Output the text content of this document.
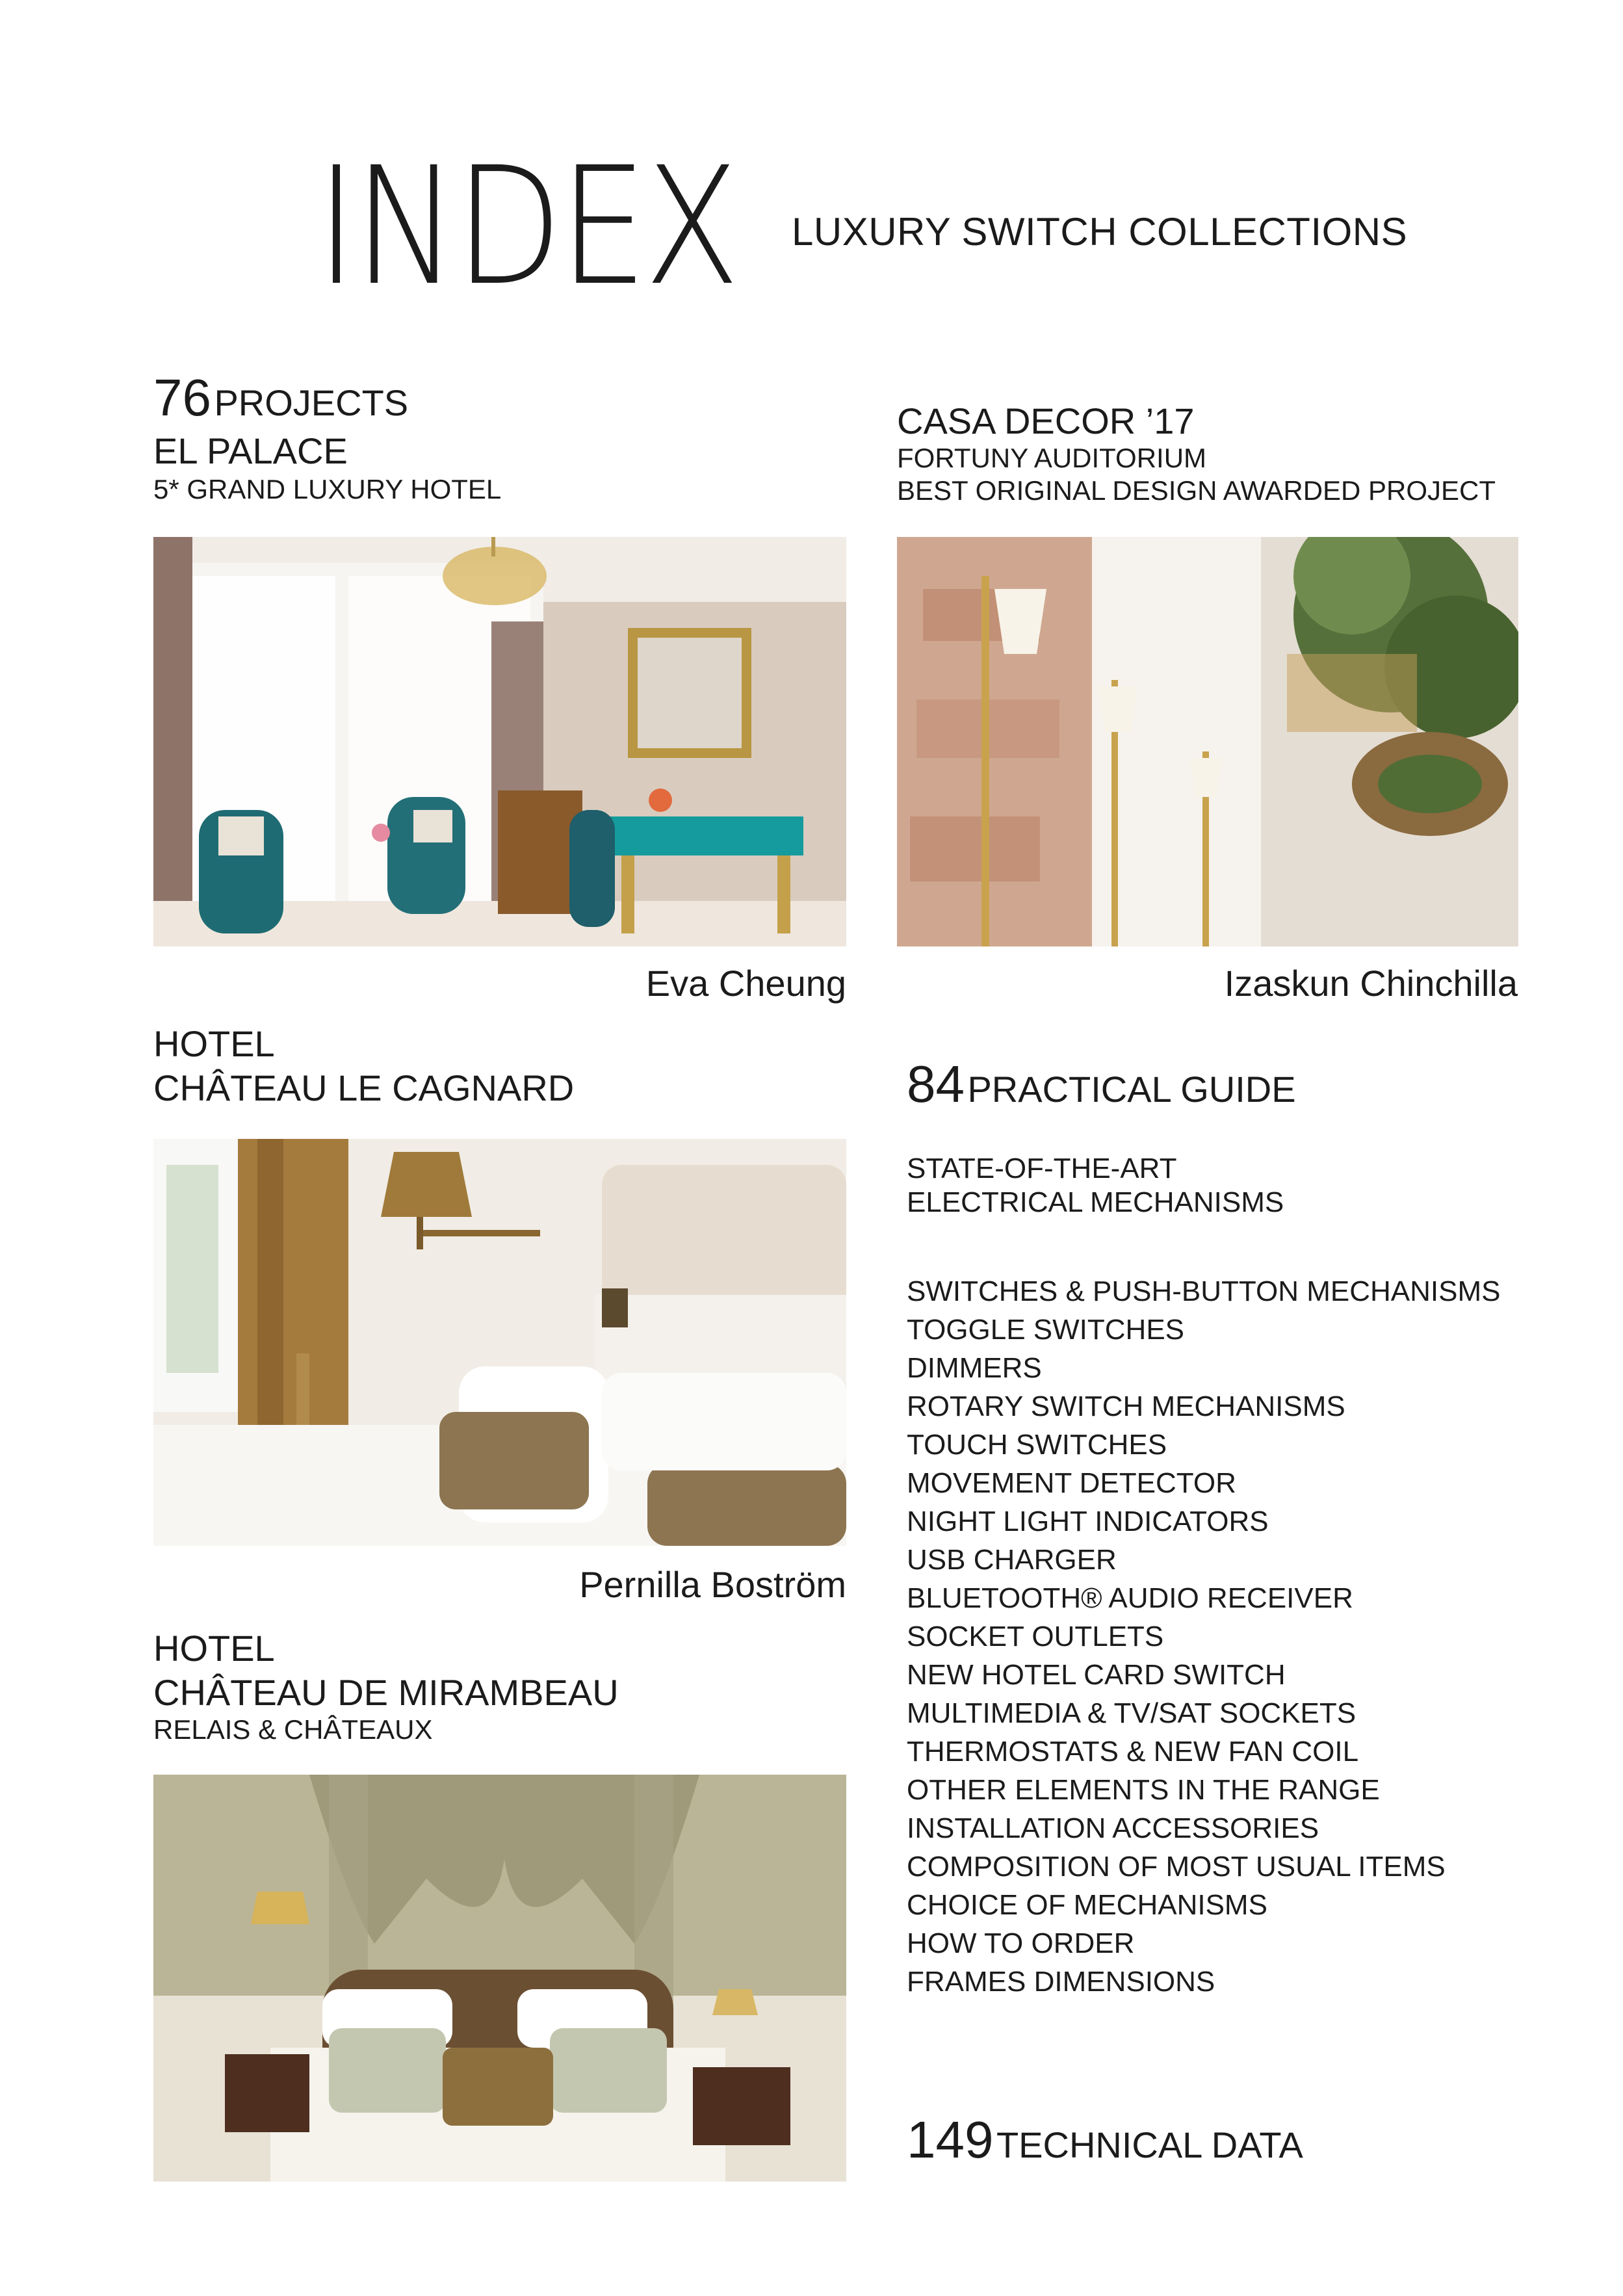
INDEX LUXURY SWITCH COLLECTIONS
76 PROJECTS
EL PALACE
5* GRAND LUXURY HOTEL
Eva Cheung
CASA DECOR ’17
FORTUNY AUDITORIUM
BEST ORIGINAL DESIGN AWARDED PROJECT
Izaskun Chinchilla
HOTEL
CHÂTEAU LE CAGNARD
Pernilla Boström
HOTEL
CHÂTEAU DE MIRAMBEAU
RELAIS & CHÂTEAUX
84 PRACTICAL GUIDE
STATE-OF-THE-ART
ELECTRICAL MECHANISMS
SWITCHES & PUSH-BUTTON MECHANISMS
TOGGLE SWITCHES
DIMMERS
ROTARY SWITCH MECHANISMS
TOUCH SWITCHES
MOVEMENT DETECTOR
NIGHT LIGHT INDICATORS
USB CHARGER
BLUETOOTH® AUDIO RECEIVER
SOCKET OUTLETS
NEW HOTEL CARD SWITCH
MULTIMEDIA & TV/SAT SOCKETS
THERMOSTATS & NEW FAN COIL
OTHER ELEMENTS IN THE RANGE
INSTALLATION ACCESSORIES
COMPOSITION OF MOST USUAL ITEMS
CHOICE OF MECHANISMS
HOW TO ORDER
FRAMES DIMENSIONS
149 TECHNICAL DATA
